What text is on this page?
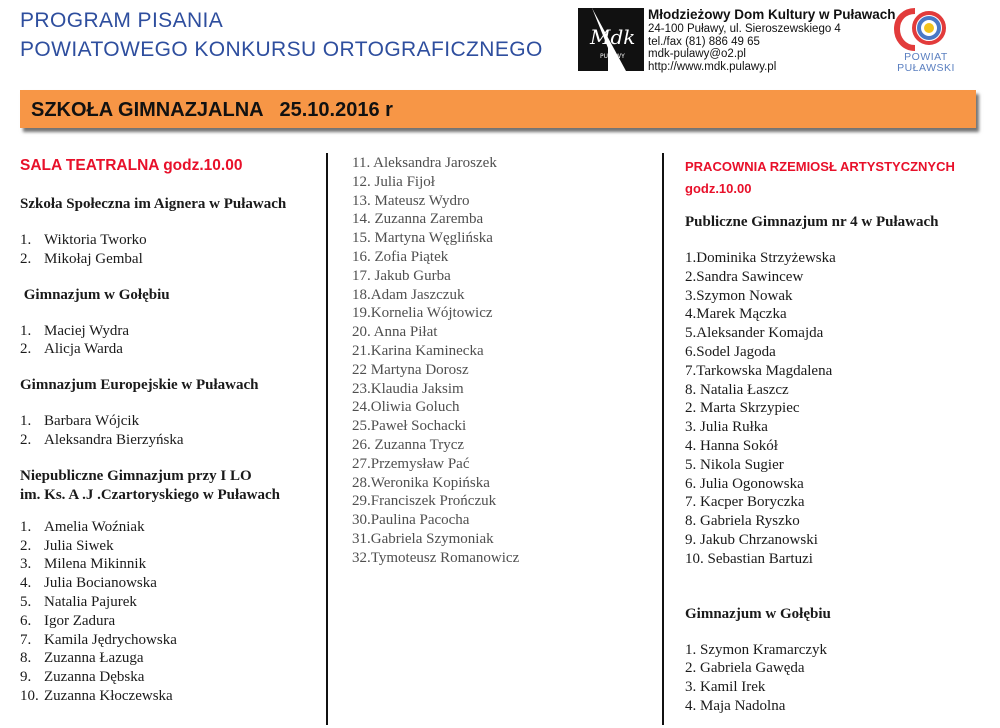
PROGRAM PISANIA
POWIATOWEGO KONKURSU ORTOGRAFICZNEGO
Mdk
PUŁAWY
Młodzieżowy Dom Kultury w Puławach
24-100 Puławy, ul. Sieroszewskiego 4
tel./fax (81) 886 49 65
mdk-pulawy@o2.pl
http://www.mdk.pulawy.pl
POWIAT
PUŁAWSKI
SZKOŁA GIMNAZJALNA   25.10.2016 r
SALA TEATRALNA godz.10.00
Szkoła Społeczna im Aignera w Puławach
1. Wiktoria Tworko
2. Mikołaj Gembal
Gimnazjum w Gołębiu
1. Maciej Wydra
2. Alicja Warda
Gimnazjum Europejskie w Puławach
1. Barbara Wójcik
2. Aleksandra Bierzyńska
Niepubliczne Gimnazjum przy I LO
im. Ks. A .J .Czartoryskiego w Puławach
1. Amelia Woźniak
2. Julia Siwek
3. Milena Mikinnik
4. Julia Bocianowska
5. Natalia Pajurek
6. Igor Zadura
7. Kamila Jędrychowska
8. Zuzanna Łazuga
9. Zuzanna Dębska
10. Zuzanna Kłoczewska
11. Aleksandra Jaroszek
12. Julia Fijoł
13. Mateusz Wydro
14. Zuzanna Zaremba
15. Martyna Węglińska
16. Zofia Piątek
17. Jakub Gurba
18.Adam Jaszczuk
19.Kornelia Wójtowicz
20. Anna Piłat
21.Karina Kaminecka
22 Martyna Dorosz
23.Klaudia Jaksim
24.Oliwia Goluch
25.Paweł Sochacki
26. Zuzanna Trycz
27.Przemysław Pać
28.Weronika Kopińska
29.Franciszek Prończuk
30.Paulina Pacocha
31.Gabriela Szymoniak
32.Tymoteusz Romanowicz
PRACOWNIA RZEMIOSŁ ARTYSTYCZNYCH
godz.10.00
Publiczne Gimnazjum nr 4 w Puławach
1.Dominika Strzyżewska
2.Sandra Sawincew
3.Szymon Nowak
4.Marek Mączka
5.Aleksander Komajda
6.Sodel Jagoda
7.Tarkowska Magdalena
8. Natalia Łaszcz
2. Marta Skrzypiec
3. Julia Rułka
4. Hanna Sokół
5. Nikola Sugier
6. Julia Ogonowska
7. Kacper Boryczka
8. Gabriela Ryszko
9. Jakub Chrzanowski
10. Sebastian Bartuzi
Gimnazjum w Gołębiu
1. Szymon Kramarczyk
2. Gabriela Gawęda
3. Kamil Irek
4. Maja Nadolna
